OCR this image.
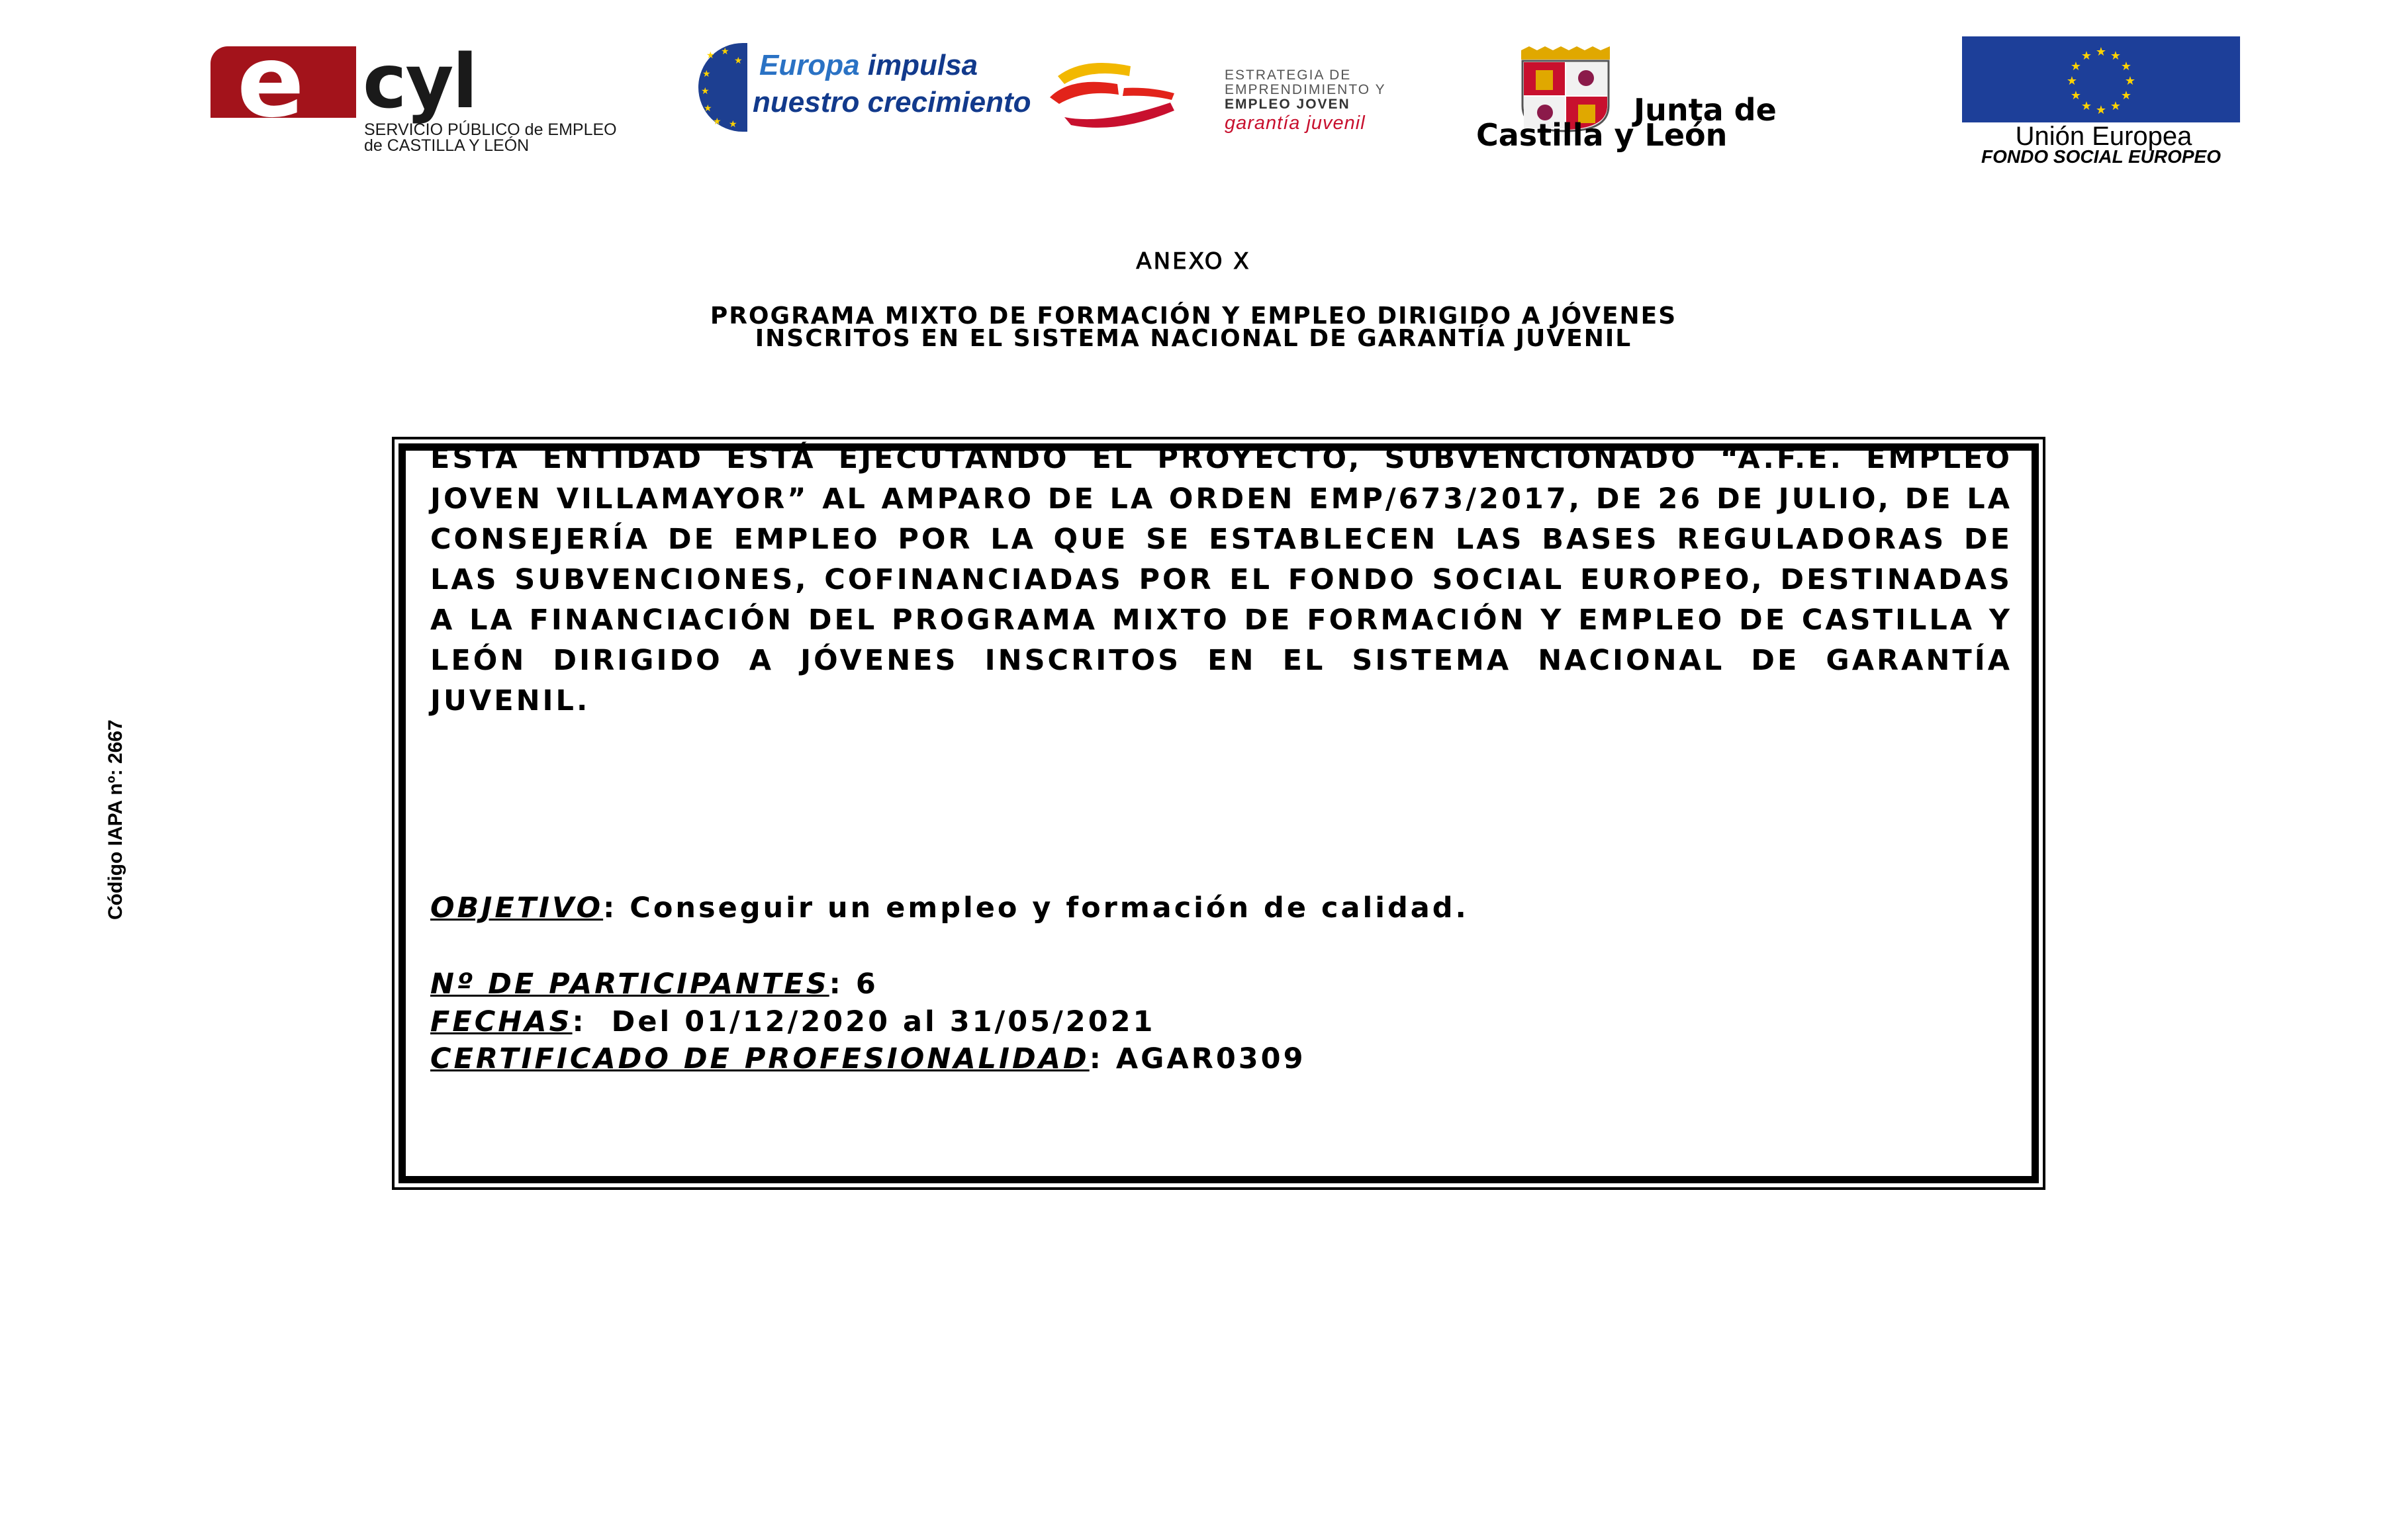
e cyl
SERVICIO PÚBLICO de EMPLEO
de CASTILLA Y LEÓN
★ ★
★
★
★
★
★ ★
Europa impulsa
nuestro crecimiento
ESTRATEGIA DE
EMPRENDIMIENTO Y
EMPLEO JOVEN
garantía juvenil	Junta de
Castilla y León
★ ★
★
★
★
★
★
★
★
★
★
★
Unión Europea
FONDO SOCIAL EUROPEO
ANEXO X
PROGRAMA MIXTO DE FORMACIÓN Y EMPLEO DIRIGIDO A JÓVENES
INSCRITOS EN EL SISTEMA NACIONAL DE GARANTÍA JUVENIL
Código IAPA nº: 2667
ESTA ENTIDAD ESTÁ EJECUTANDO EL PROYECTO, SUBVENCIONADO “A.F.E. EMPLEO JOVEN VILLAMAYOR” AL AMPARO DE LA ORDEN EMP/673/2017, DE 26 DE JULIO, DE LA CONSEJERÍA DE EMPLEO POR LA QUE SE ESTABLECEN LAS BASES REGULADORAS DE LAS SUBVENCIONES, COFINANCIADAS POR EL FONDO SOCIAL EUROPEO, DESTINADAS A LA FINANCIACIÓN DEL PROGRAMA MIXTO DE FORMACIÓN Y EMPLEO DE CASTILLA Y LEÓN DIRIGIDO A JÓVENES INSCRITOS EN EL SISTEMA NACIONAL DE GARANTÍA JUVENIL.
OBJETIVO: Conseguir un empleo y formación de calidad.
Nº DE PARTICIPANTES: 6
FECHAS:  Del 01/12/2020 al 31/05/2021
CERTIFICADO DE PROFESIONALIDAD: AGAR0309
